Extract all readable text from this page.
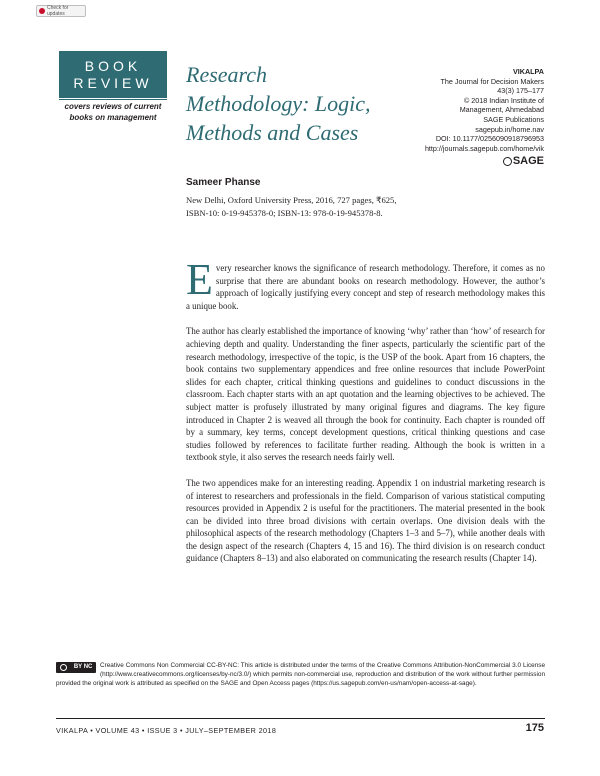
Check for updates
BOOK
REVIEW
covers reviews of current books on management
Research
Methodology: Logic,
Methods and Cases
VIKALPA
The Journal for Decision Makers
43(3) 175–177
© 2018 Indian Institute of
Management, Ahmedabad
SAGE Publications
sagepub.in/home.nav
DOI: 10.1177/0256090918796953
http://journals.sagepub.com/home/vik
SAGE
Sameer Phanse
New Delhi, Oxford University Press, 2016, 727 pages, ₹625,
ISBN-10: 0-19-945378-0; ISBN-13: 978-0-19-945378-8.

Every researcher knows the significance of research methodology. Therefore, it comes as no surprise that there are abundant books on research methodology. However, the author’s approach of logically justifying every concept and step of research methodology makes this a unique book.

The author has clearly established the importance of knowing ‘why’ rather than ‘how’ of research for achieving depth and quality. Understanding the finer aspects, particularly the scientific part of the research methodology, irrespective of the topic, is the USP of the book. Apart from 16 chapters, the book contains two supplementary appendices and free online resources that include PowerPoint slides for each chapter, critical thinking questions and guidelines to conduct discussions in the classroom. Each chapter starts with an apt quotation and the learning objectives to be achieved. The subject matter is profusely illustrated by many original figures and diagrams. The key figure introduced in Chapter 2 is weaved all through the book for continuity. Each chapter is rounded off by a summary, key terms, concept development questions, critical thinking questions and case studies followed by references to facilitate further reading. Although the book is written in a textbook style, it also serves the research needs fairly well.

The two appendices make for an interesting reading. Appendix 1 on industrial marketing research is of interest to researchers and professionals in the field. Comparison of various statistical computing resources provided in Appendix 2 is useful for the practitioners. The material presented in the book can be divided into three broad divisions with certain overlaps. One division deals with the philosophical aspects of the research methodology (Chapters 1–3 and 5–7), while another deals with the design aspect of the research (Chapters 4, 15 and 16). The third division is on research conduct guidance (Chapters 8–13) and also elaborated on communicating the research results (Chapter 14).

BY NC Creative Commons Non Commercial CC-BY-NC: This article is distributed under the terms of the Creative Commons Attribution-NonCommercial 3.0 License (http://www.creativecommons.org/licenses/by-nc/3.0/) which permits non-commercial use, reproduction and distribution of the work without further permission provided the original work is attributed as specified on the SAGE and Open Access pages (https://us.sagepub.com/en-us/nam/open-access-at-sage).
VIKALPA • VOLUME 43 • ISSUE 3 • JULY–SEPTEMBER 2018	175
